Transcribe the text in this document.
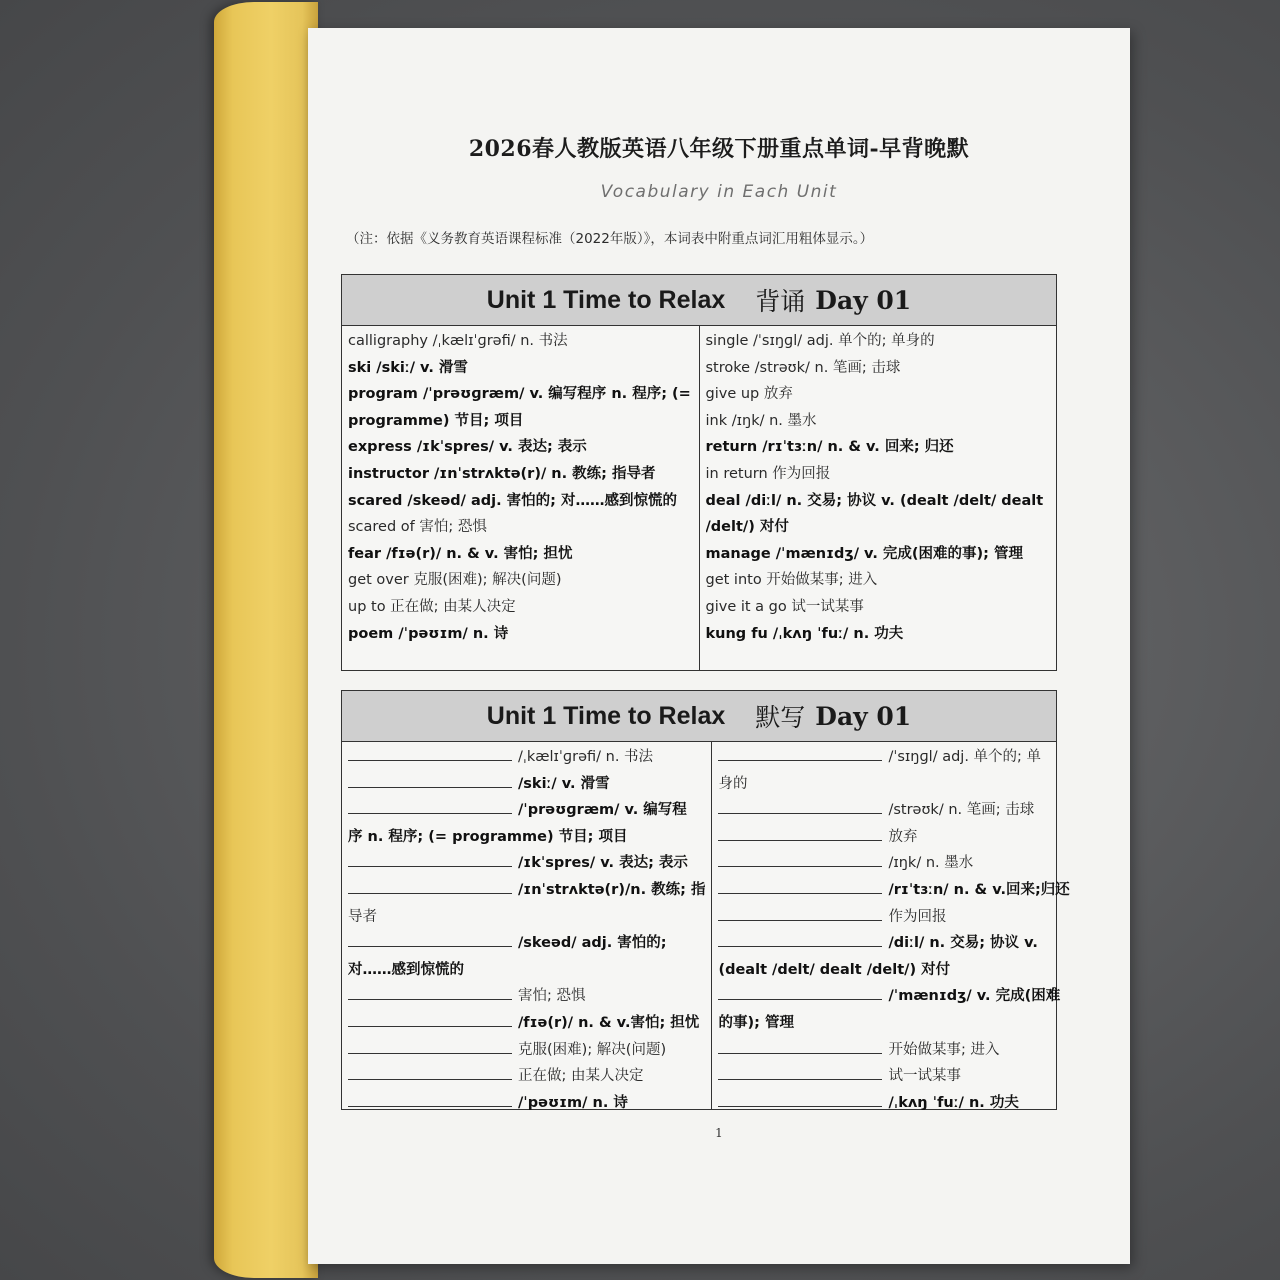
2026春人教版英语八年级下册重点单词-早背晚默
Vocabulary in Each Unit
（注：依据《义务教育英语课程标准（2022年版）》，本词表中附重点词汇用粗体显示。）
Unit 1 Time to Relax 背诵 Day 01
calligraphy /ˌkælɪˈɡrəfi/ n. 书法
ski /skiː/ v. 滑雪
program /ˈprəʊɡræm/ v. 编写程序 n. 程序; (=
programme) 节目; 项目
express /ɪkˈspres/ v. 表达; 表示
instructor /ɪnˈstrʌktə(r)/ n. 教练; 指导者
scared /skeəd/ adj. 害怕的; 对……感到惊慌的
scared of 害怕; 恐惧
fear /fɪə(r)/ n. & v. 害怕; 担忧
get over 克服(困难); 解决(问题)
up to 正在做; 由某人决定
poem /ˈpəʊɪm/ n. 诗
single /ˈsɪŋɡl/ adj. 单个的; 单身的
stroke /strəʊk/ n. 笔画; 击球
give up 放弃
ink /ɪŋk/ n. 墨水
return /rɪˈtɜːn/ n. & v. 回来; 归还
in return 作为回报
deal /diːl/ n. 交易; 协议 v. (dealt /delt/ dealt
/delt/) 对付
manage /ˈmænɪdʒ/ v. 完成(困难的事); 管理
get into 开始做某事; 进入
give it a go 试一试某事
kung fu /ˌkʌŋ ˈfuː/ n. 功夫
Unit 1 Time to Relax 默写 Day 01
/ˌkælɪˈɡrəfi/ n. 书法
/skiː/ v. 滑雪
/ˈprəʊɡræm/ v. 编写程
序 n. 程序; (= programme) 节目; 项目
/ɪkˈspres/ v. 表达; 表示
/ɪnˈstrʌktə(r)/n. 教练; 指
导者
/skeəd/ adj. 害怕的;
对……感到惊慌的
害怕; 恐惧
/fɪə(r)/ n. & v.害怕; 担忧
克服(困难); 解决(问题)
正在做; 由某人决定
/ˈpəʊɪm/ n. 诗
/ˈsɪŋɡl/ adj. 单个的; 单
身的
/strəʊk/ n. 笔画; 击球
放弃
/ɪŋk/ n. 墨水
/rɪˈtɜːn/ n. & v.回来;归还
作为回报
/diːl/ n. 交易; 协议 v.
(dealt /delt/ dealt /delt/) 对付
/ˈmænɪdʒ/ v. 完成(困难
的事); 管理
开始做某事; 进入
试一试某事
/ˌkʌŋ ˈfuː/ n. 功夫
1
